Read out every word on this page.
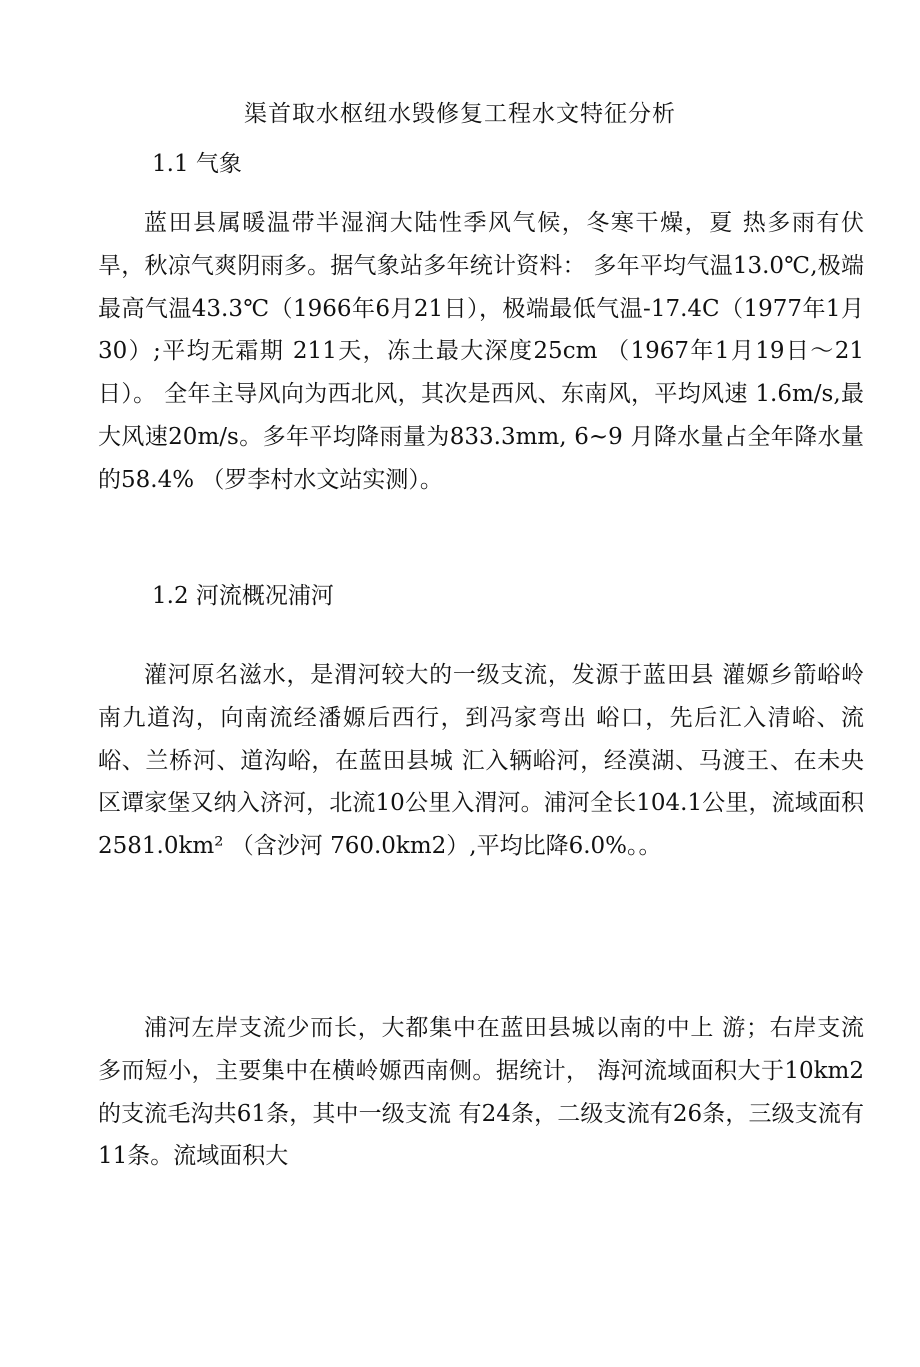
渠首取水枢纽水毁修复工程水文特征分析
1.1 气象

蓝田县属暖温带半湿润大陆性季风气候，冬寒干燥，夏 热多雨有伏旱，秋凉气爽阴雨多。据气象站多年统计资料： 多年平均气温13.0℃,极端最高气温43.3℃（1966年6月21日），极端最低气温-17.4C（1977年1月30）;平均无霜期 211天，冻土最大深度25cm （1967年1月19日〜21日）。 全年主导风向为西北风，其次是西风、东南风，平均风速 1.6m/s,最大风速20m/s。多年平均降雨量为833.3mm, 6~9 月降水量占全年降水量的58.4% （罗李村水文站实测）。

1.2 河流概况浦河

灌河原名滋水，是渭河较大的一级支流，发源于蓝田县 灌嫄乡箭峪岭南九道沟，向南流经潘嫄后西行，到冯家弯出 峪口，先后汇入清峪、流峪、兰桥河、道沟峪，在蓝田县城 汇入辆峪河，经漠湖、马渡王、在未央区谭家堡又纳入济河，北流10公里入渭河。浦河全长104.1公里，流域面积 2581.0km² （含沙河 760.0km2）,平均比降6.0%。。

浦河左岸支流少而长，大都集中在蓝田县城以南的中上 游；右岸支流多而短小，主要集中在横岭嫄西南侧。据统计， 海河流域面积大于10km2的支流毛沟共61条，其中一级支流 有24条，二级支流有26条，三级支流有11条。流域面积大
